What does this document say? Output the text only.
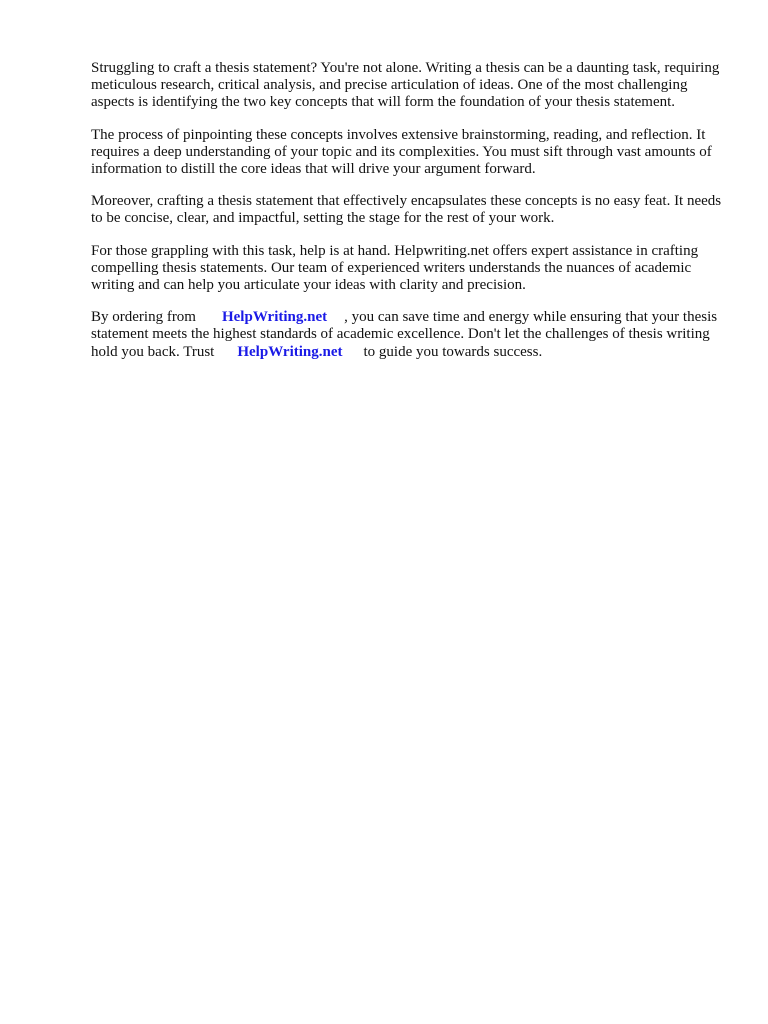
Struggling to craft a thesis statement? You're not alone. Writing a thesis can be a daunting task, requiring meticulous research, critical analysis, and precise articulation of ideas. One of the most challenging aspects is identifying the two key concepts that will form the foundation of your thesis statement.

The process of pinpointing these concepts involves extensive brainstorming, reading, and reflection. It requires a deep understanding of your topic and its complexities. You must sift through vast amounts of information to distill the core ideas that will drive your argument forward.

Moreover, crafting a thesis statement that effectively encapsulates these concepts is no easy feat. It needs to be concise, clear, and impactful, setting the stage for the rest of your work.

For those grappling with this task, help is at hand. Helpwriting.net offers expert assistance in crafting compelling thesis statements. Our team of experienced writers understands the nuances of academic writing and can help you articulate your ideas with clarity and precision.

By ordering from HelpWriting.net , you can save time and energy while ensuring that your thesis statement meets the highest standards of academic excellence. Don't let the challenges of thesis writing hold you back. Trust HelpWriting.net to guide you towards success.
